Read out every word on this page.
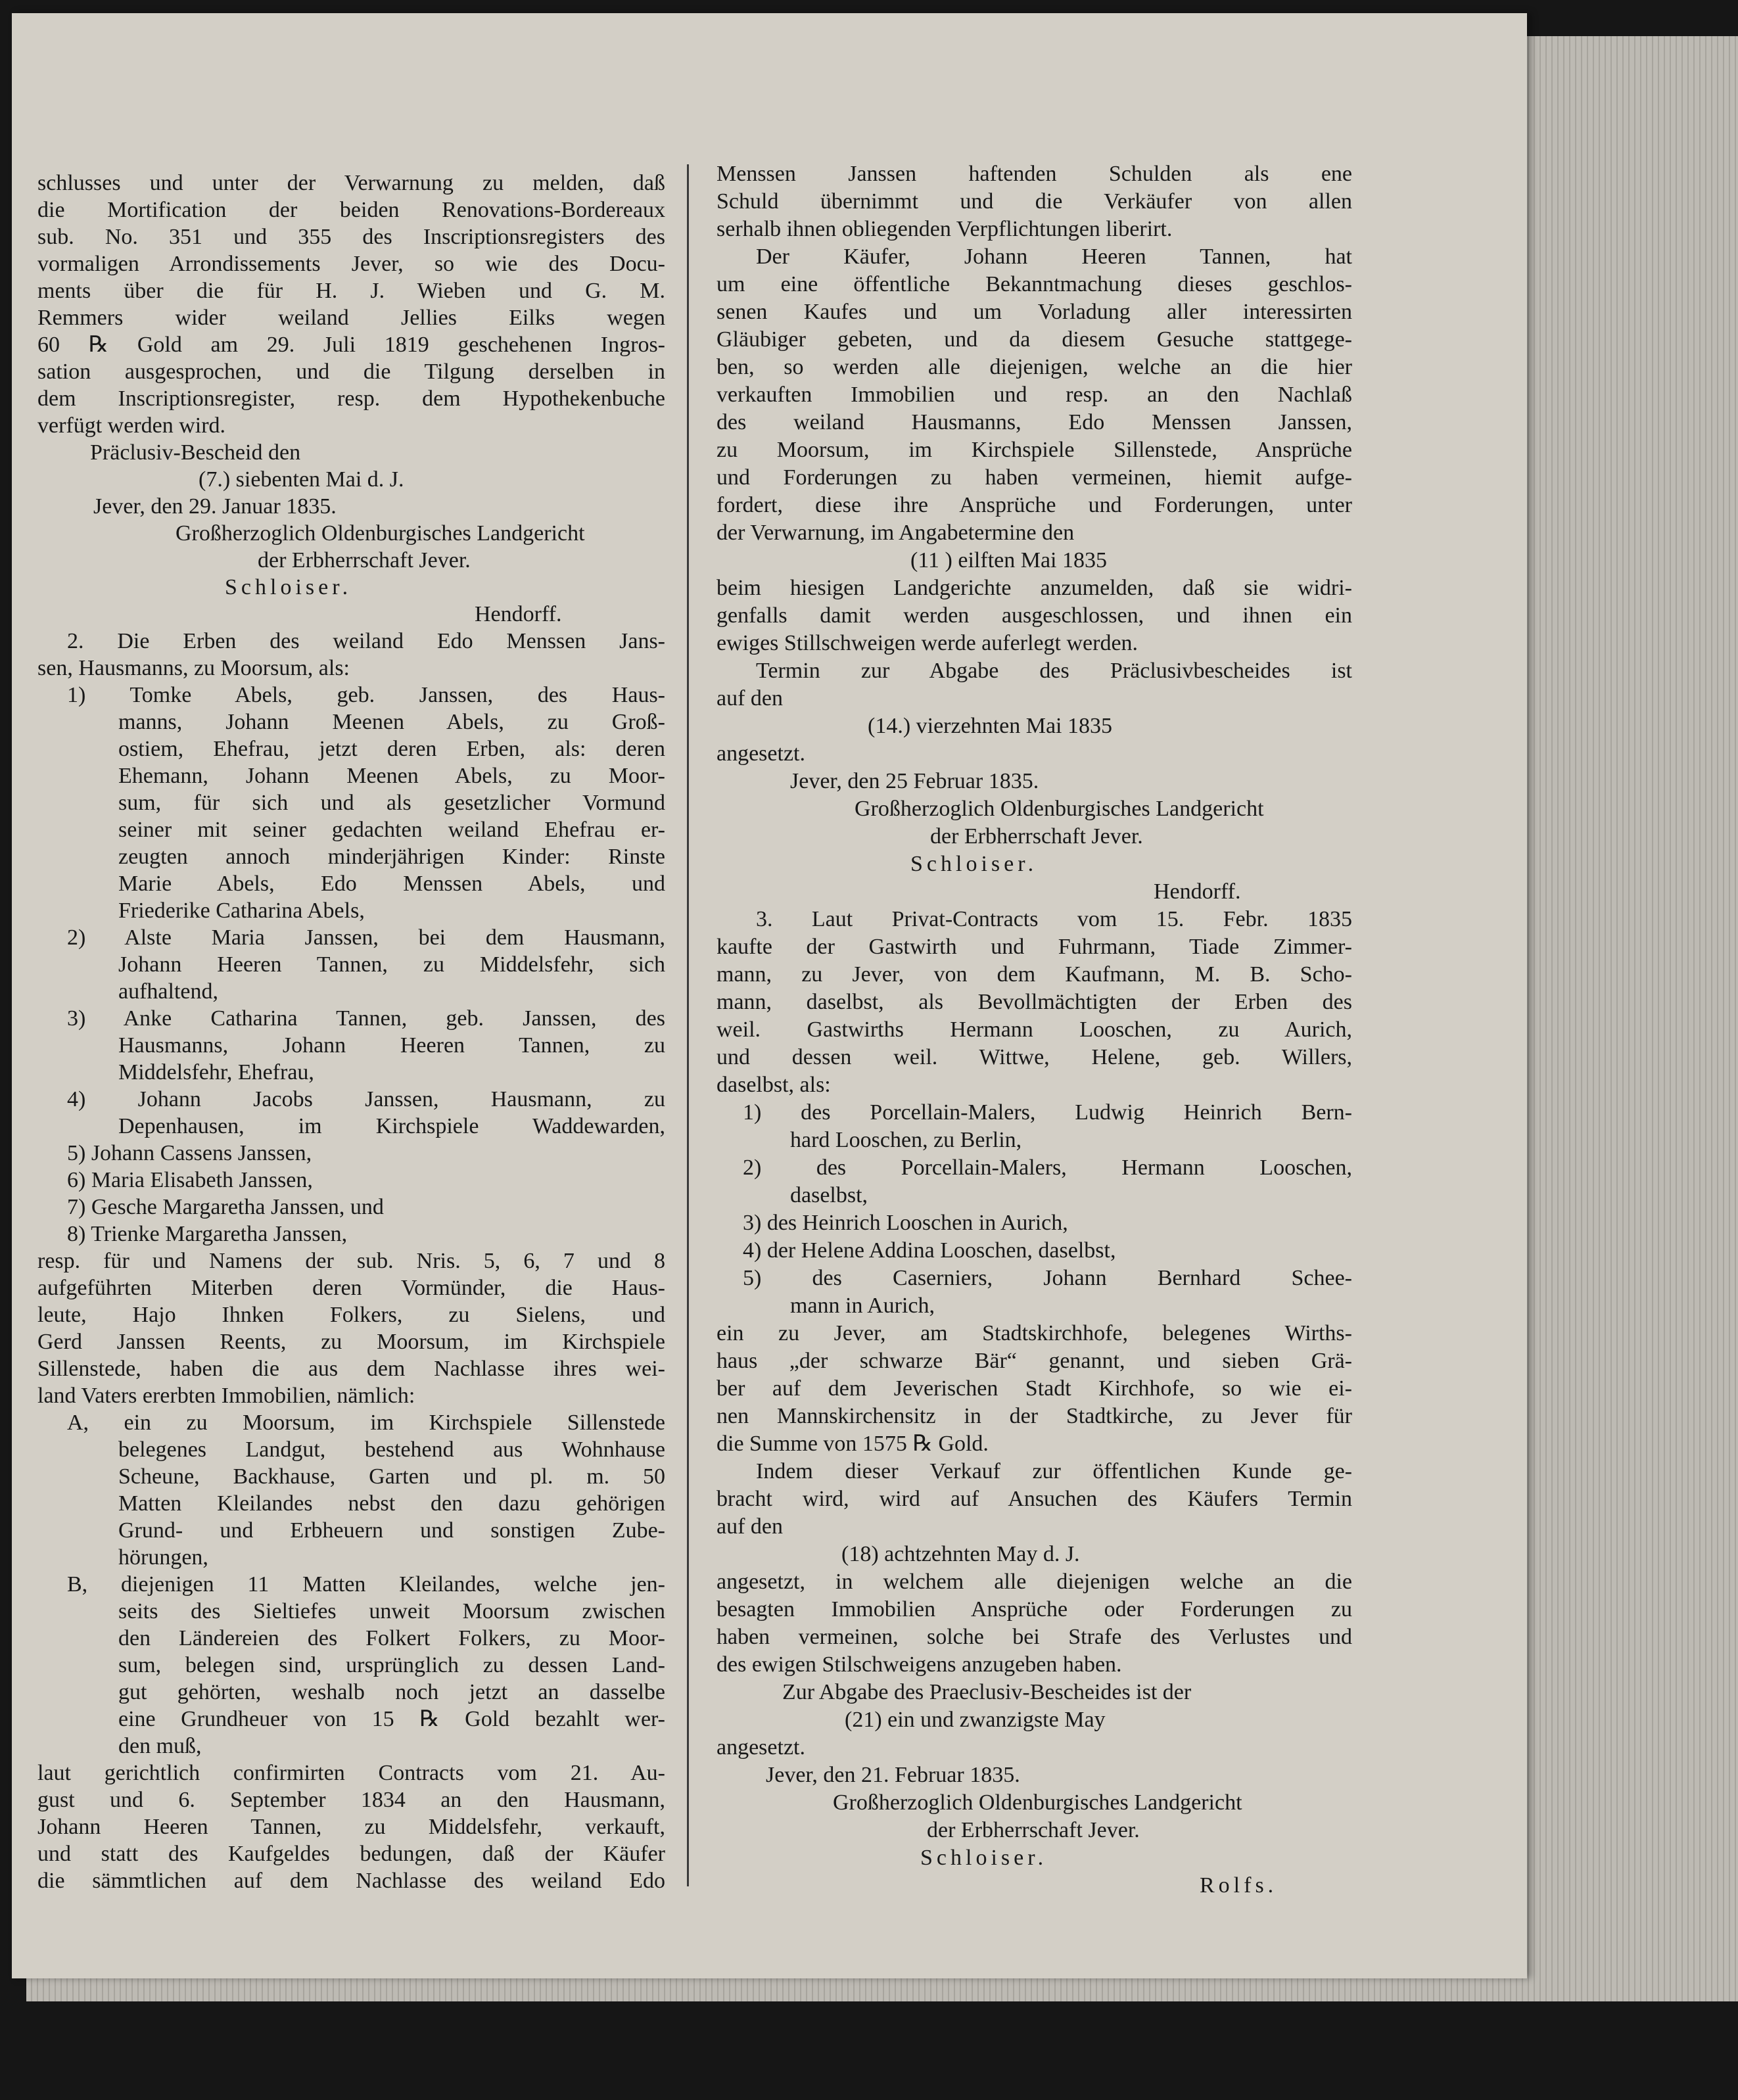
schlusses und unter der Verwarnung zu melden, daß
die Mortification der beiden Renovations-Bordereaux
sub. No. 351 und 355 des Inscriptionsregisters des
vormaligen Arrondissements Jever, so wie des Docu-
ments über die für H. J. Wieben und G. M.
Remmers wider weiland Jellies Eilks wegen
60 ℞ Gold am 29. Juli 1819 geschehenen Ingros-
sation ausgesprochen, und die Tilgung derselben in
dem Inscriptionsregister, resp. dem Hypothekenbuche
verfügt werden wird.
Präclusiv-Bescheid den
(7.) siebenten Mai d. J.
Jever, den 29. Januar 1835.
Großherzoglich Oldenburgisches Landgericht
der Erbherrschaft Jever.
Schloiser.
Hendorff.
2. Die Erben des weiland Edo Menssen Jans-
sen, Hausmanns, zu Moorsum, als:
1) Tomke Abels, geb. Janssen, des Haus-
manns, Johann Meenen Abels, zu Groß-
ostiem, Ehefrau, jetzt deren Erben, als: deren
Ehemann, Johann Meenen Abels, zu Moor-
sum, für sich und als gesetzlicher Vormund
seiner mit seiner gedachten weiland Ehefrau er-
zeugten annoch minderjährigen Kinder: Rinste
Marie Abels, Edo Menssen Abels, und
Friederike Catharina Abels,
2) Alste Maria Janssen, bei dem Hausmann,
Johann Heeren Tannen, zu Middelsfehr, sich
aufhaltend,
3) Anke Catharina Tannen, geb. Janssen, des
Hausmanns, Johann Heeren Tannen, zu
Middelsfehr, Ehefrau,
4) Johann Jacobs Janssen, Hausmann, zu
Depenhausen, im Kirchspiele Waddewarden,
5) Johann Cassens Janssen,
6) Maria Elisabeth Janssen,
7) Gesche Margaretha Janssen, und
8) Trienke Margaretha Janssen,
resp. für und Namens der sub. Nris. 5, 6, 7 und 8
aufgeführten Miterben deren Vormünder, die Haus-
leute, Hajo Ihnken Folkers, zu Sielens, und
Gerd Janssen Reents, zu Moorsum, im Kirchspiele
Sillenstede, haben die aus dem Nachlasse ihres wei-
land Vaters ererbten Immobilien, nämlich:
A, ein zu Moorsum, im Kirchspiele Sillenstede
belegenes Landgut, bestehend aus Wohnhause
Scheune, Backhause, Garten und pl. m. 50
Matten Kleilandes nebst den dazu gehörigen
Grund- und Erbheuern und sonstigen Zube-
hörungen,
B, diejenigen 11 Matten Kleilandes, welche jen-
seits des Sieltiefes unweit Moorsum zwischen
den Ländereien des Folkert Folkers, zu Moor-
sum, belegen sind, ursprünglich zu dessen Land-
gut gehörten, weshalb noch jetzt an dasselbe
eine Grundheuer von 15 ℞ Gold bezahlt wer-
den muß,
laut gerichtlich confirmirten Contracts vom 21. Au-
gust und 6. September 1834 an den Hausmann,
Johann Heeren Tannen, zu Middelsfehr, verkauft,
und statt des Kaufgeldes bedungen, daß der Käufer
die sämmtlichen auf dem Nachlasse des weiland Edo
Menssen Janssen haftenden Schulden als ene
Schuld übernimmt und die Verkäufer von allen
serhalb ihnen obliegenden Verpflichtungen liberirt.
Der Käufer, Johann Heeren Tannen, hat
um eine öffentliche Bekanntmachung dieses geschlos-
senen Kaufes und um Vorladung aller interessirten
Gläubiger gebeten, und da diesem Gesuche stattgege-
ben, so werden alle diejenigen, welche an die hier
verkauften Immobilien und resp. an den Nachlaß
des weiland Hausmanns, Edo Menssen Janssen,
zu Moorsum, im Kirchspiele Sillenstede, Ansprüche
und Forderungen zu haben vermeinen, hiemit aufge-
fordert, diese ihre Ansprüche und Forderungen, unter
der Verwarnung, im Angabetermine den
(11 ) eilften Mai 1835
beim hiesigen Landgerichte anzumelden, daß sie widri-
genfalls damit werden ausgeschlossen, und ihnen ein
ewiges Stillschweigen werde auferlegt werden.
Termin zur Abgabe des Präclusivbescheides ist
auf den
(14.) vierzehnten Mai 1835
angesetzt.
Jever, den 25 Februar 1835.
Großherzoglich Oldenburgisches Landgericht
der Erbherrschaft Jever.
Schloiser.
Hendorff.
3. Laut Privat-Contracts vom 15. Febr. 1835
kaufte der Gastwirth und Fuhrmann, Tiade Zimmer-
mann, zu Jever, von dem Kaufmann, M. B. Scho-
mann, daselbst, als Bevollmächtigten der Erben des
weil. Gastwirths Hermann Looschen, zu Aurich,
und dessen weil. Wittwe, Helene, geb. Willers,
daselbst, als:
1) des Porcellain-Malers, Ludwig Heinrich Bern-
hard Looschen, zu Berlin,
2) des Porcellain-Malers, Hermann Looschen,
daselbst,
3) des Heinrich Looschen in Aurich,
4) der Helene Addina Looschen, daselbst,
5) des Caserniers, Johann Bernhard Schee-
mann in Aurich,
ein zu Jever, am Stadtskirchhofe, belegenes Wirths-
haus „der schwarze Bär“ genannt, und sieben Grä-
ber auf dem Jeverischen Stadt Kirchhofe, so wie ei-
nen Mannskirchensitz in der Stadtkirche, zu Jever für
die Summe von 1575 ℞ Gold.
Indem dieser Verkauf zur öffentlichen Kunde ge-
bracht wird, wird auf Ansuchen des Käufers Termin
auf den
(18) achtzehnten May d. J.
angesetzt, in welchem alle diejenigen welche an die
besagten Immobilien Ansprüche oder Forderungen zu
haben vermeinen, solche bei Strafe des Verlustes und
des ewigen Stilschweigens anzugeben haben.
Zur Abgabe des Praeclusiv-Bescheides ist der
(21) ein und zwanzigste May
angesetzt.
Jever, den 21. Februar 1835.
Großherzoglich Oldenburgisches Landgericht
der Erbherrschaft Jever.
Schloiser.
Rolfs.
